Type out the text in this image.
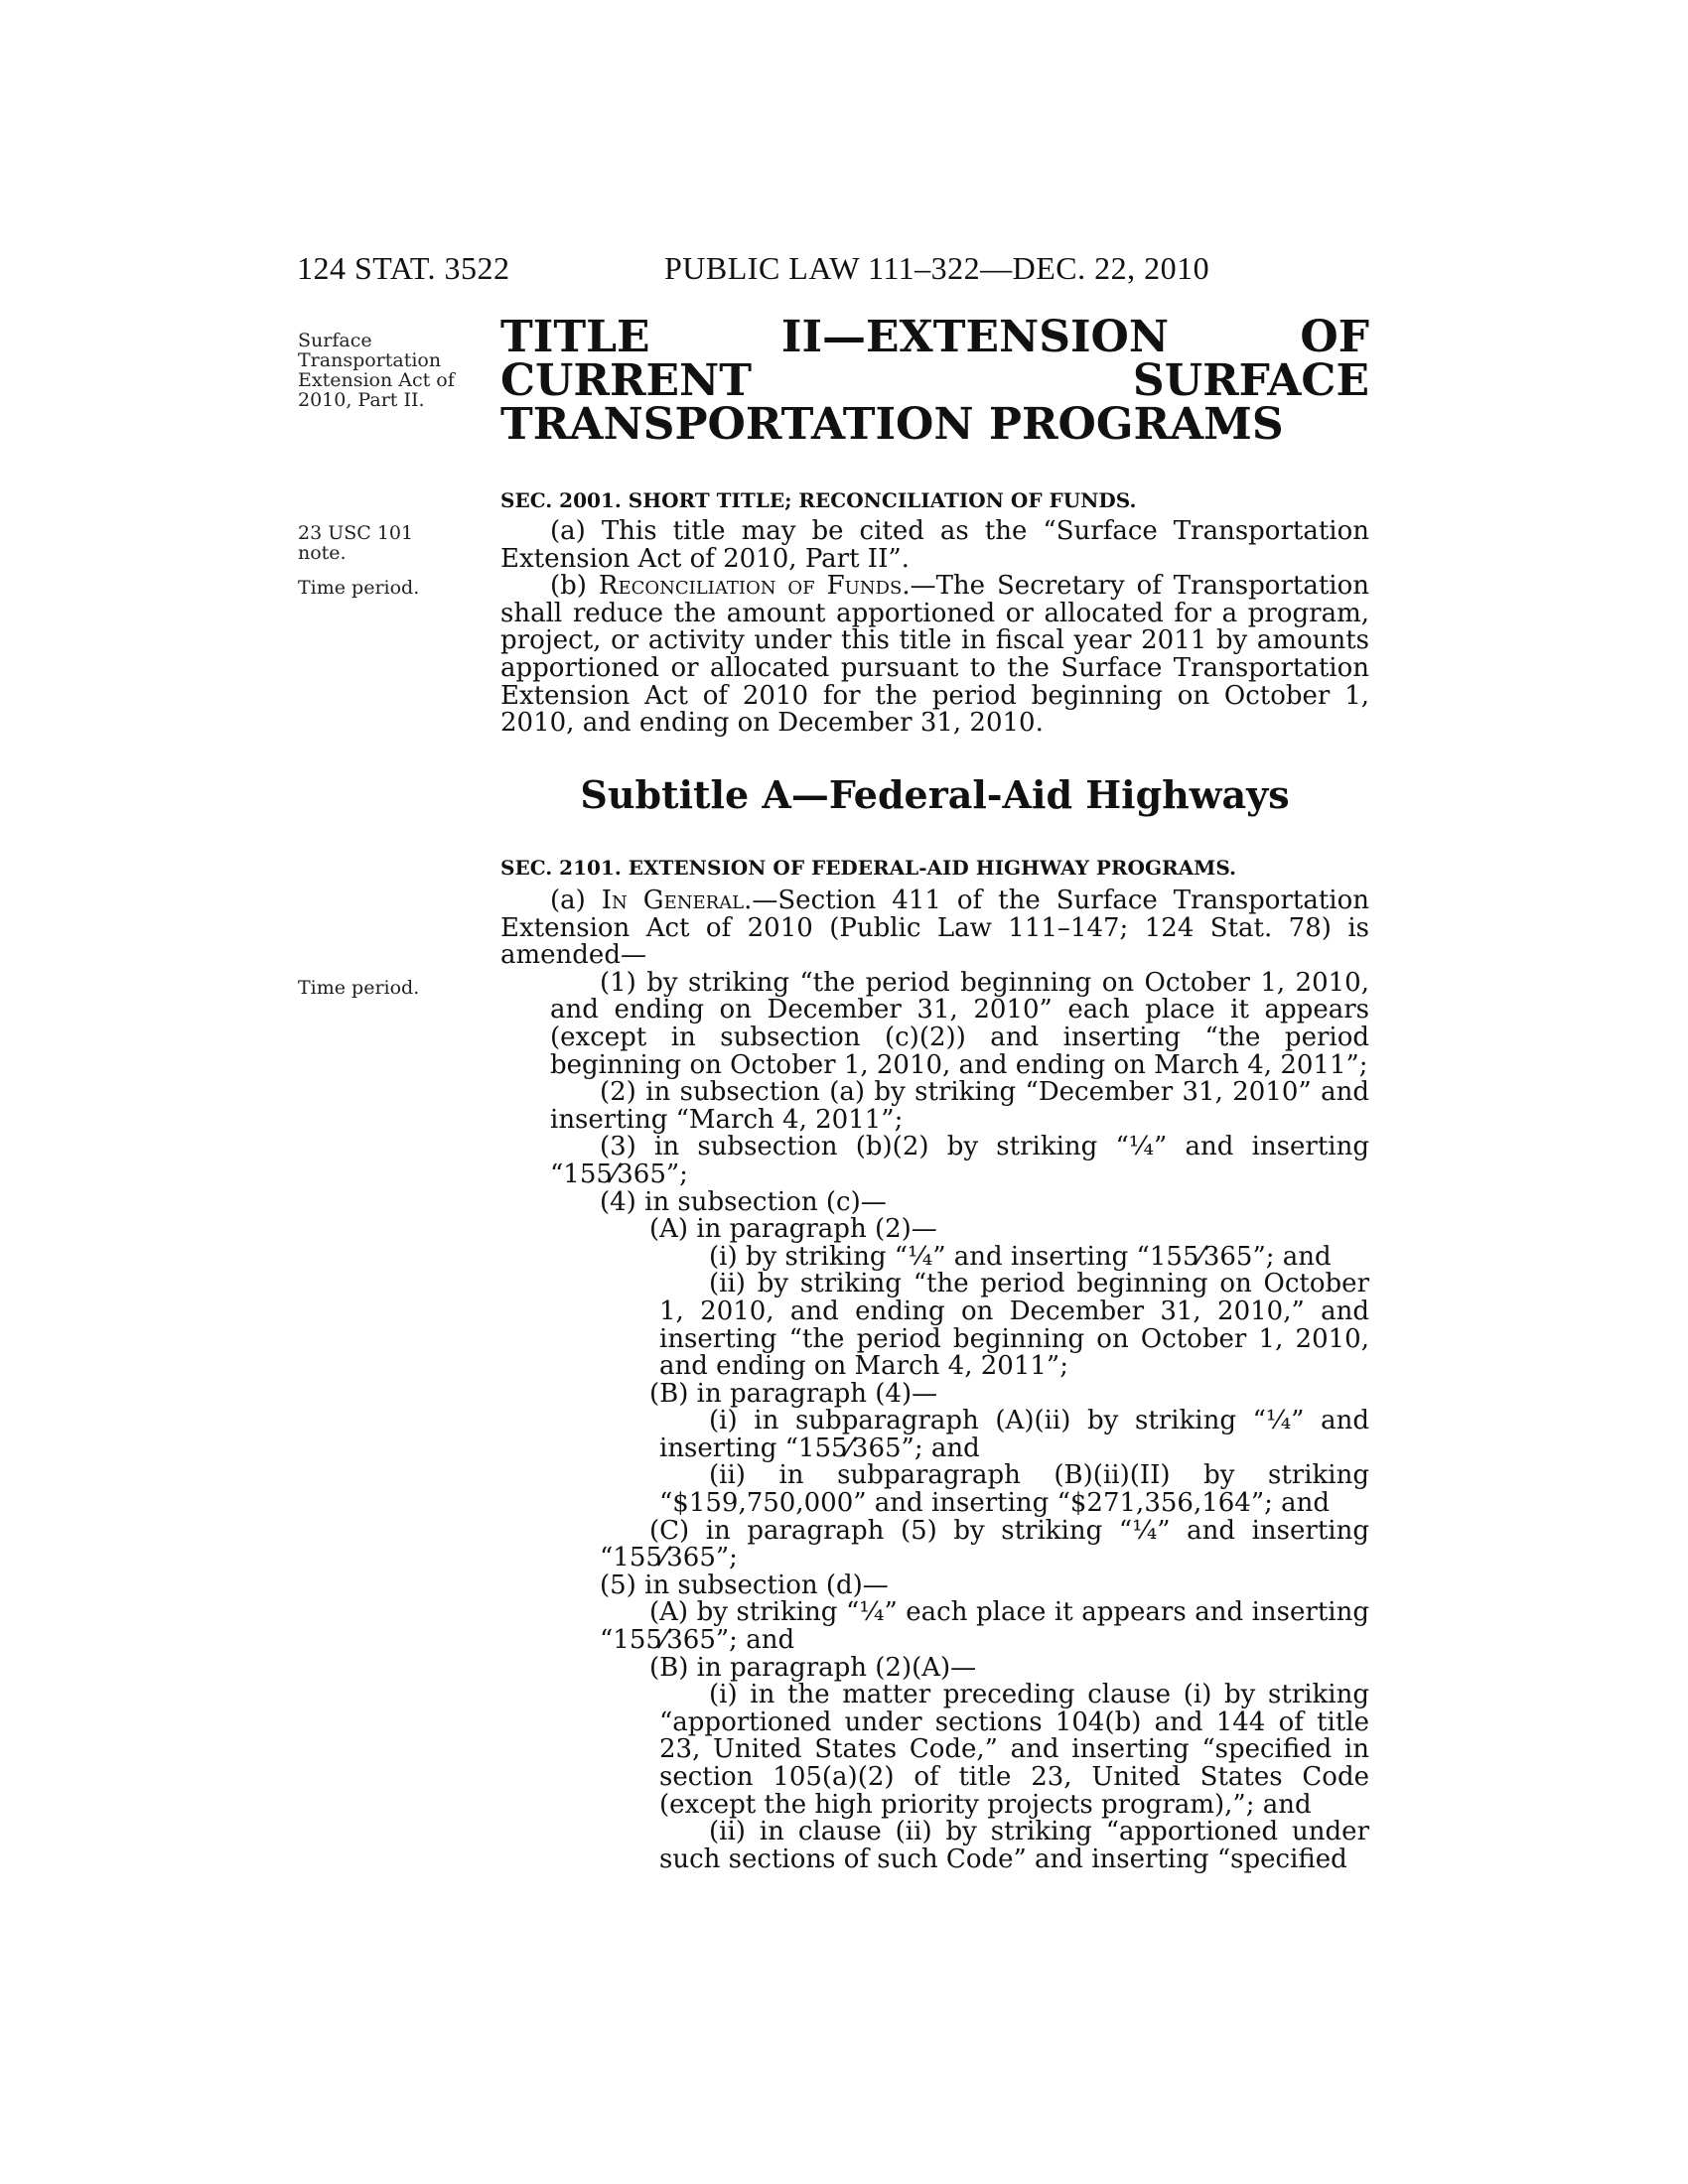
124 STAT. 3522	PUBLIC LAW 111–322—DEC. 22, 2010
Surface Transportation Extension Act of 2010, Part II.
TITLE II—EXTENSION OF CURRENT SURFACE TRANSPORTATION PROGRAMS
SEC. 2001. SHORT TITLE; RECONCILIATION OF FUNDS.
23 USC 101 note.
Time period.

(a) This title may be cited as the “Surface Transportation Extension Act of 2010, Part II”.

(b) Reconciliation of Funds.—The Secretary of Transportation shall reduce the amount apportioned or allocated for a program, project, or activity under this title in fiscal year 2011 by amounts apportioned or allocated pursuant to the Surface Transportation Extension Act of 2010 for the period beginning on October 1, 2010, and ending on December 31, 2010.

Subtitle A—Federal-Aid Highways
SEC. 2101. EXTENSION OF FEDERAL-AID HIGHWAY PROGRAMS.
Time period.

(a) In General.—Section 411 of the Surface Transportation Extension Act of 2010 (Public Law 111–147; 124 Stat. 78) is amended—

(1) by striking “the period beginning on October 1, 2010, and ending on December 31, 2010” each place it appears (except in subsection (c)(2)) and inserting “the period beginning on October 1, 2010, and ending on March 4, 2011”;

(2) in subsection (a) by striking “December 31, 2010” and inserting “March 4, 2011”;

(3) in subsection (b)(2) by striking “¼” and inserting “155⁄365”;

(4) in subsection (c)—

(A) in paragraph (2)—

(i) by striking “¼” and inserting “155⁄365”; and

(ii) by striking “the period beginning on October 1, 2010, and ending on December 31, 2010,” and inserting “the period beginning on October 1, 2010, and ending on March 4, 2011”;

(B) in paragraph (4)—

(i) in subparagraph (A)(ii) by striking “¼” and inserting “155⁄365”; and

(ii) in subparagraph (B)(ii)(II) by striking “$159,750,000” and inserting “$271,356,164”; and

(C) in paragraph (5) by striking “¼” and inserting “155⁄365”;

(5) in subsection (d)—

(A) by striking “¼” each place it appears and inserting “155⁄365”; and

(B) in paragraph (2)(A)—

(i) in the matter preceding clause (i) by striking “apportioned under sections 104(b) and 144 of title 23, United States Code,” and inserting “specified in section 105(a)(2) of title 23, United States Code (except the high priority projects program),”; and

(ii) in clause (ii) by striking “apportioned under such sections of such Code” and inserting “specified
